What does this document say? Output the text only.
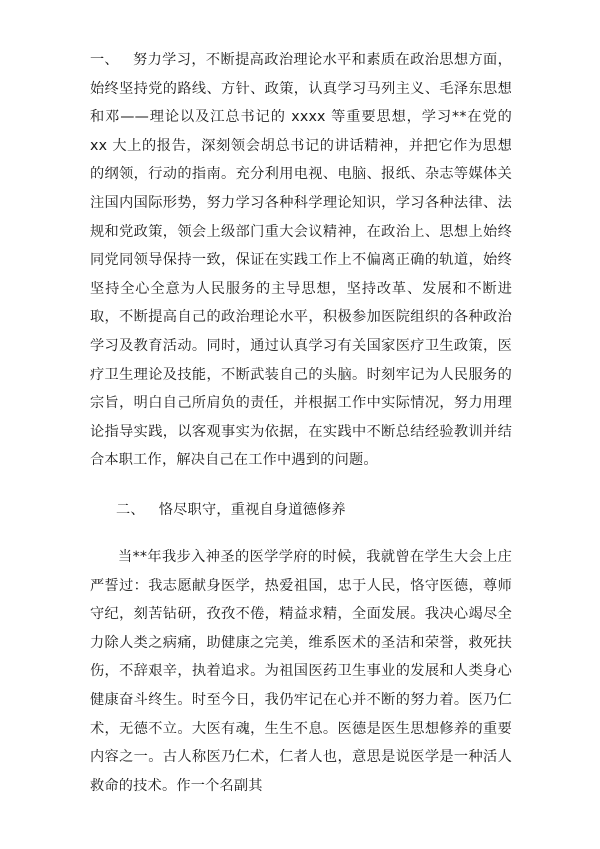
一、 努力学习，不断提高政治理论水平和素质在政治思想方面，始终坚持党的路线、方针、政策，认真学习马列主义、毛泽东思想和邓——理论以及江总书记的 xxxx 等重要思想，学习**在党的 xx 大上的报告，深刻领会胡总书记的讲话精神，并把它作为思想的纲领，行动的指南。充分利用电视、电脑、报纸、杂志等媒体关注国内国际形势，努力学习各种科学理论知识，学习各种法律、法规和党政策，领会上级部门重大会议精神，在政治上、思想上始终同党同领导保持一致，保证在实践工作上不偏离正确的轨道，始终坚持全心全意为人民服务的主导思想，坚持改革、发展和不断进取，不断提高自己的政治理论水平，积极参加医院组织的各种政治学习及教育活动。同时，通过认真学习有关国家医疗卫生政策，医疗卫生理论及技能，不断武装自己的头脑。时刻牢记为人民服务的宗旨，明白自己所肩负的责任，并根据工作中实际情况，努力用理论指导实践，以客观事实为依据，在实践中不断总结经验教训并结合本职工作，解决自己在工作中遇到的问题。

二、 恪尽职守，重视自身道德修养

当**年我步入神圣的医学学府的时候，我就曾在学生大会上庄严誓过：我志愿献身医学，热爱祖国，忠于人民，恪守医德，尊师守纪，刻苦钻研，孜孜不倦，精益求精，全面发展。我决心竭尽全力除人类之病痛，助健康之完美，维系医术的圣洁和荣誉，救死扶伤，不辞艰辛，执着追求。为祖国医药卫生事业的发展和人类身心健康奋斗终生。时至今日，我仍牢记在心并不断的努力着。医乃仁术，无德不立。大医有魂，生生不息。医德是医生思想修养的重要内容之一。古人称医乃仁术，仁者人也，意思是说医学是一种活人救命的技术。作一个名副其
